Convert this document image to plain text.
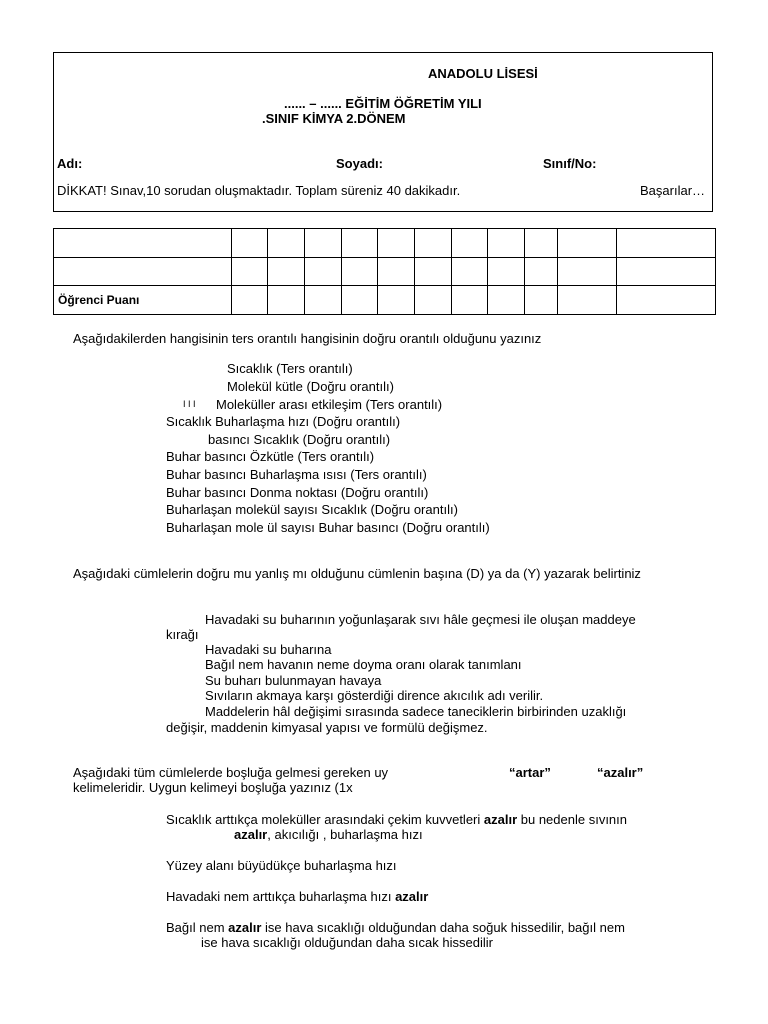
ANADOLU LİSESİ
...... – ...... EĞİTİM ÖĞRETİM YILI
.SINIF KİMYA 2.DÖNEM
Adı:	Soyadı:	Sınıf/No:
DİKKAT! Sınav,10 sorudan oluşmaktadır. Toplam süreniz 40 dakikadır.	Başarılar…

Öğrenci Puanı											
Aşağıdakilerden hangisinin ters orantılı hangisinin doğru orantılı olduğunu yazınız
Sıcaklık (Ters orantılı)
Molekül kütle (Doğru orantılı)
I I I Moleküller arası etkileşim (Ters orantılı)
Sıcaklık Buharlaşma hızı (Doğru orantılı)
basıncı Sıcaklık (Doğru orantılı)
Buhar basıncı Özkütle (Ters orantılı)
Buhar basıncı Buharlaşma ısısı (Ters orantılı)
Buhar basıncı Donma noktası (Doğru orantılı)
Buharlaşan molekül sayısı Sıcaklık (Doğru orantılı)
Buharlaşan mole ül sayısı Buhar basıncı (Doğru orantılı)
Aşağıdaki cümlelerin doğru mu yanlış mı olduğunu cümlenin başına (D) ya da (Y) yazarak belirtiniz
Havadaki su buharının yoğunlaşarak sıvı hâle geçmesi ile oluşan maddeye
kırağı
Havadaki su buharına
Bağıl nem havanın neme doyma oranı olarak tanımlanı
Su buharı bulunmayan havaya
Sıvıların akmaya karşı gösterdiği dirence akıcılık adı verilir.
Maddelerin hâl değişimi sırasında sadece taneciklerin birbirinden uzaklığı
değişir, maddenin kimyasal yapısı ve formülü değişmez.
Aşağıdaki tüm cümlelerde boşluğa gelmesi gereken uy	“artar”	“azalır”
kelimeleridir. Uygun kelimeyi boşluğa yazınız (1x
Sıcaklık arttıkça moleküller arasındaki çekim kuvvetleri azalır bu nedenle sıvının
azalır, akıcılığı , buharlaşma hızı
Yüzey alanı büyüdükçe buharlaşma hızı
Havadaki nem arttıkça buharlaşma hızı azalır
Bağıl nem azalır ise hava sıcaklığı olduğundan daha soğuk hissedilir, bağıl nem
ise hava sıcaklığı olduğundan daha sıcak hissedilir
